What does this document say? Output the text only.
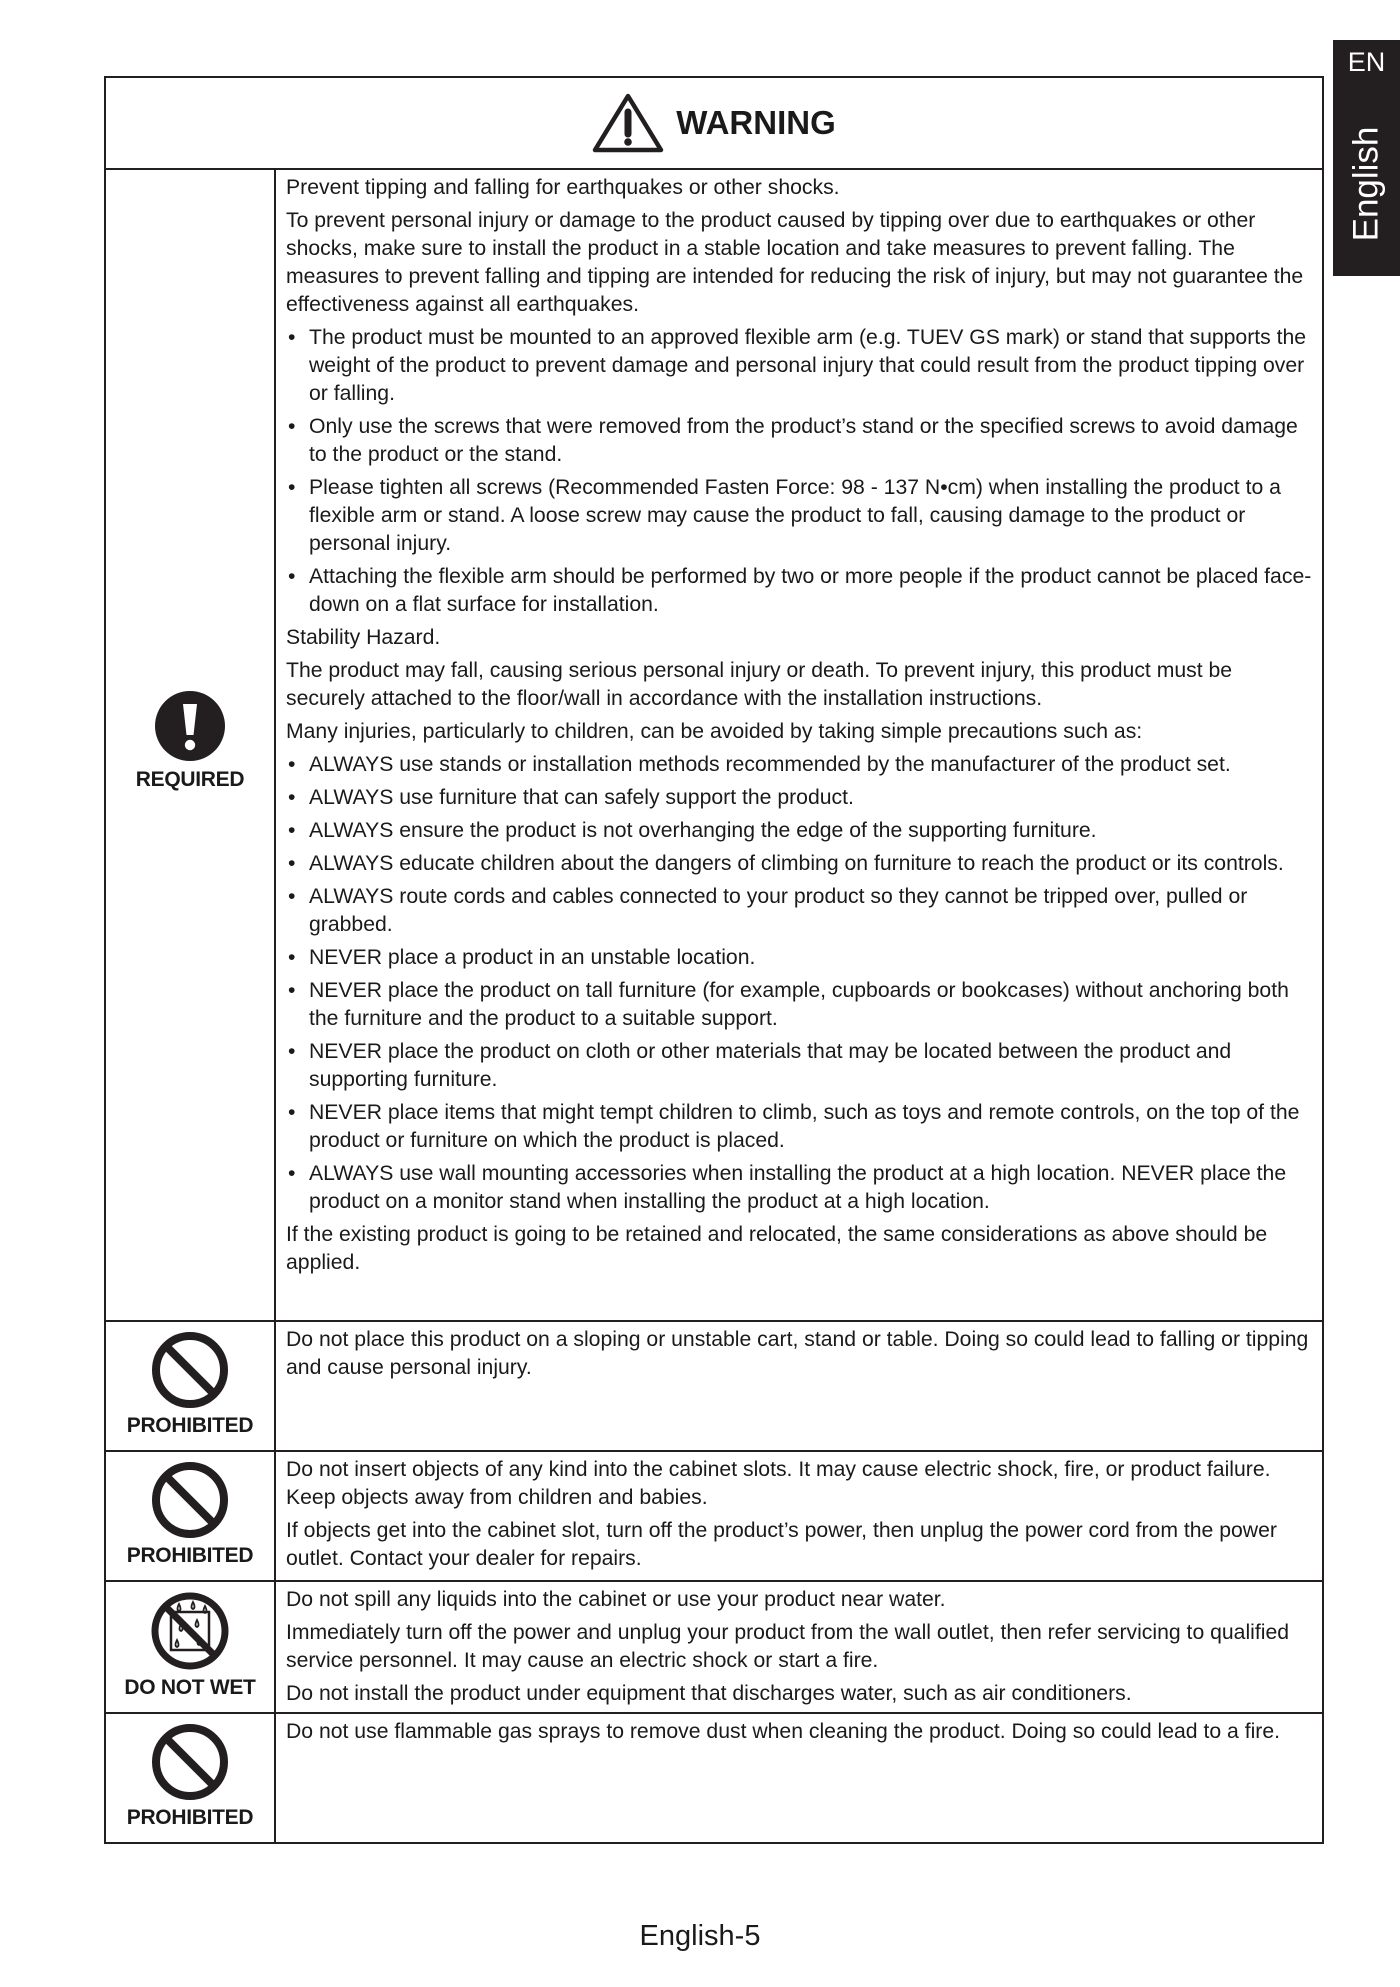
EN
English
WARNING
REQUIRED

Prevent tipping and falling for earthquakes or other shocks.

To prevent personal injury or damage to the product caused by tipping over due to earthquakes or other shocks, make sure to install the product in a stable location and take measures to prevent falling. The measures to prevent falling and tipping are intended for reducing the risk of injury, but may not guarantee the effectiveness against all earthquakes.

• The product must be mounted to an approved flexible arm (e.g. TUEV GS mark) or stand that supports the weight of the product to prevent damage and personal injury that could result from the product tipping over or falling.
• Only use the screws that were removed from the product’s stand or the specified screws to avoid damage to the product or the stand.
• Please tighten all screws (Recommended Fasten Force: 98 - 137 N•cm) when installing the product to a flexible arm or stand. A loose screw may cause the product to fall, causing damage to the product or personal injury.
• Attaching the flexible arm should be performed by two or more people if the product cannot be placed face-down on a flat surface for installation.

Stability Hazard.

The product may fall, causing serious personal injury or death. To prevent injury, this product must be securely attached to the floor/wall in accordance with the installation instructions.

Many injuries, particularly to children, can be avoided by taking simple precautions such as:

• ALWAYS use stands or installation methods recommended by the manufacturer of the product set.
• ALWAYS use furniture that can safely support the product.
• ALWAYS ensure the product is not overhanging the edge of the supporting furniture.
• ALWAYS educate children about the dangers of climbing on furniture to reach the product or its controls.
• ALWAYS route cords and cables connected to your product so they cannot be tripped over, pulled or grabbed.
• NEVER place a product in an unstable location.
• NEVER place the product on tall furniture (for example, cupboards or bookcases) without anchoring both the furniture and the product to a suitable support.
• NEVER place the product on cloth or other materials that may be located between the product and supporting furniture.
• NEVER place items that might tempt children to climb, such as toys and remote controls, on the top of the product or furniture on which the product is placed.
• ALWAYS use wall mounting accessories when installing the product at a high location. NEVER place the product on a monitor stand when installing the product at a high location.

If the existing product is going to be retained and relocated, the same considerations as above should be applied.

PROHIBITED

Do not place this product on a sloping or unstable cart, stand or table. Doing so could lead to falling or tipping and cause personal injury.

PROHIBITED

Do not insert objects of any kind into the cabinet slots. It may cause electric shock, fire, or product failure. Keep objects away from children and babies.

If objects get into the cabinet slot, turn off the product’s power, then unplug the power cord from the power outlet. Contact your dealer for repairs.

DO NOT WET

Do not spill any liquids into the cabinet or use your product near water.

Immediately turn off the power and unplug your product from the wall outlet, then refer servicing to qualified service personnel. It may cause an electric shock or start a fire.

Do not install the product under equipment that discharges water, such as air conditioners.

PROHIBITED

Do not use flammable gas sprays to remove dust when cleaning the product. Doing so could lead to a fire.

English-5
